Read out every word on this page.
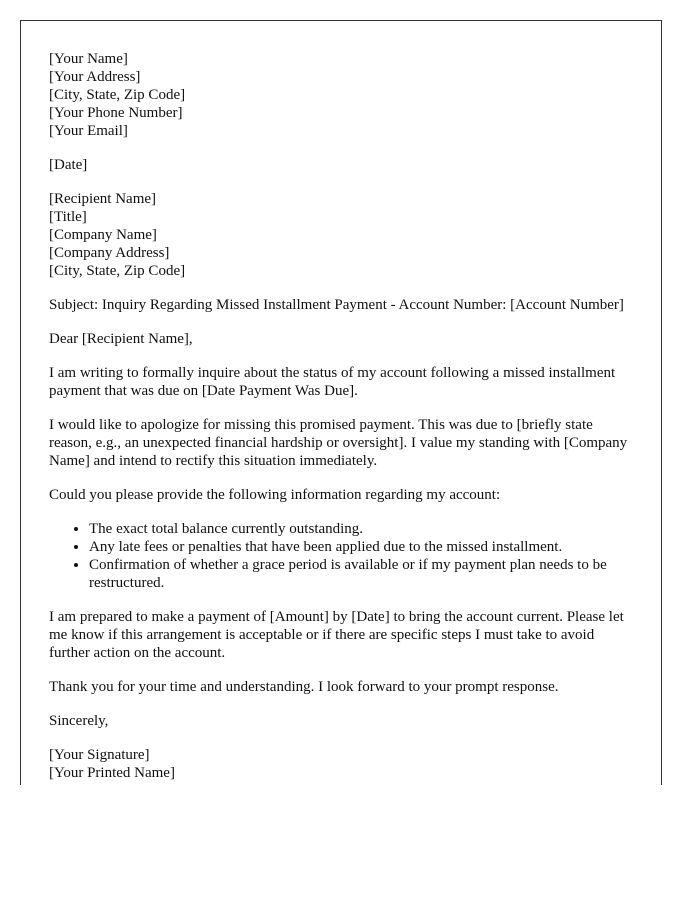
[Your Name]
[Your Address]
[City, State, Zip Code]
[Your Phone Number]
[Your Email]

[Date]

[Recipient Name]
[Title]
[Company Name]
[Company Address]
[City, State, Zip Code]

Subject: Inquiry Regarding Missed Installment Payment - Account Number: [Account Number]

Dear [Recipient Name],

I am writing to formally inquire about the status of my account following a missed installment payment that was due on [Date Payment Was Due].

I would like to apologize for missing this promised payment. This was due to [briefly state reason, e.g., an unexpected financial hardship or oversight]. I value my standing with [Company Name] and intend to rectify this situation immediately.

Could you please provide the following information regarding my account:

• The exact total balance currently outstanding.
• Any late fees or penalties that have been applied due to the missed installment.
• Confirmation of whether a grace period is available or if my payment plan needs to be restructured.

I am prepared to make a payment of [Amount] by [Date] to bring the account current. Please let me know if this arrangement is acceptable or if there are specific steps I must take to avoid further action on the account.

Thank you for your time and understanding. I look forward to your prompt response.

Sincerely,

[Your Signature]
[Your Printed Name]
